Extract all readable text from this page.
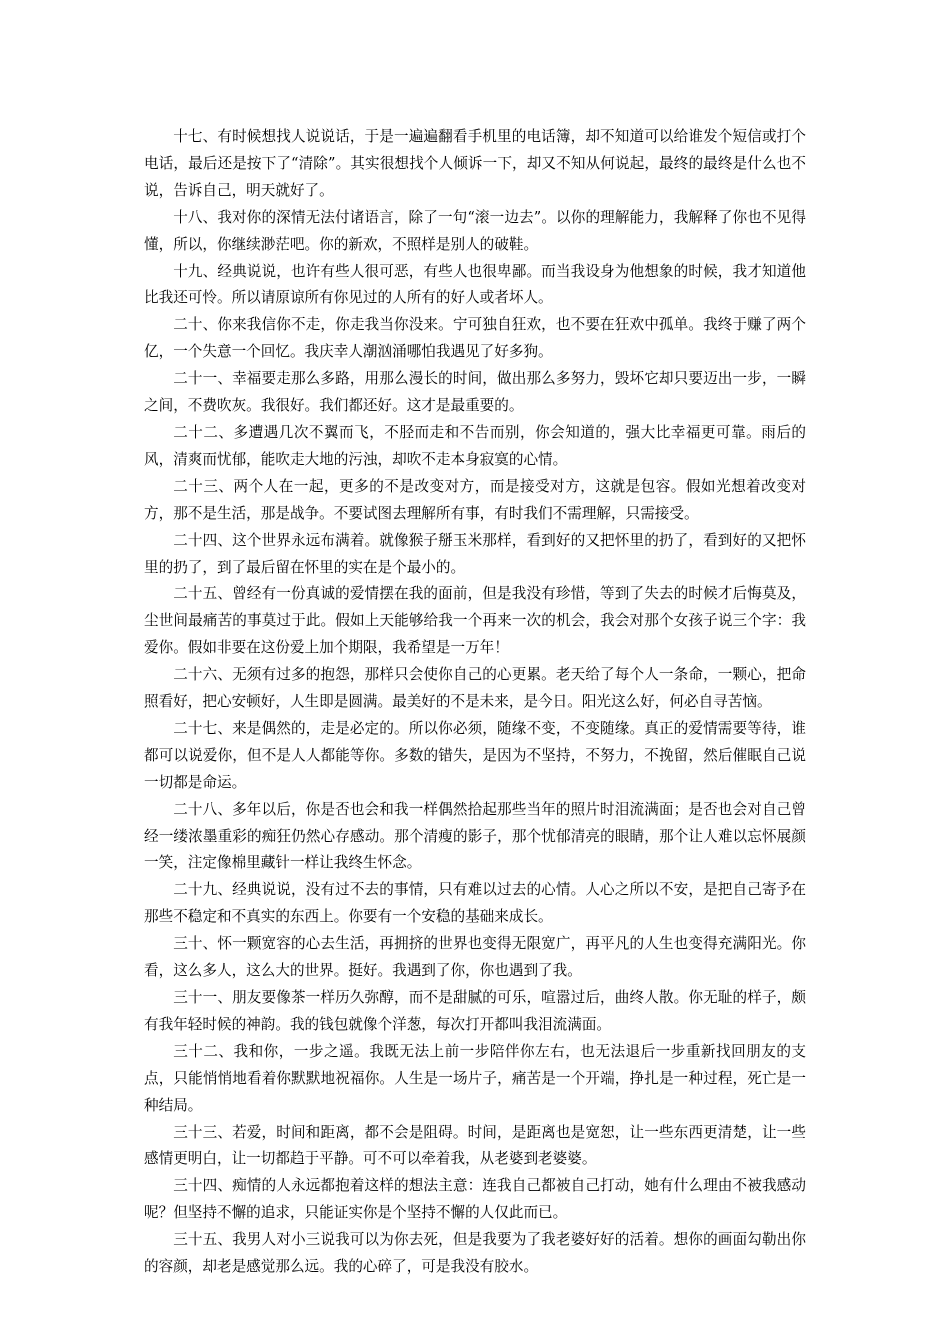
十七、有时候想找人说说话，于是一遍遍翻看手机里的电话簿，却不知道可以给谁发个短信或打个电话，最后还是按下了“清除”。其实很想找个人倾诉一下，却又不知从何说起，最终的最终是什么也不说，告诉自己，明天就好了。

十八、我对你的深情无法付诸语言，除了一句“滚一边去”。以你的理解能力，我解释了你也不见得懂，所以，你继续渺茫吧。你的新欢，不照样是别人的破鞋。

十九、经典说说，也许有些人很可恶，有些人也很卑鄙。而当我设身为他想象的时候，我才知道他比我还可怜。所以请原谅所有你见过的人所有的好人或者坏人。

二十、你来我信你不走，你走我当你没来。宁可独自狂欢，也不要在狂欢中孤单。我终于赚了两个亿，一个失意一个回忆。我庆幸人潮汹涌哪怕我遇见了好多狗。

二十一、幸福要走那么多路，用那么漫长的时间，做出那么多努力，毁坏它却只要迈出一步，一瞬之间，不费吹灰。我很好。我们都还好。这才是最重要的。

二十二、多遭遇几次不翼而飞，不胫而走和不告而别，你会知道的，强大比幸福更可靠。雨后的风，清爽而忧郁，能吹走大地的污浊，却吹不走本身寂寞的心情。

二十三、两个人在一起，更多的不是改变对方，而是接受对方，这就是包容。假如光想着改变对方，那不是生活，那是战争。不要试图去理解所有事，有时我们不需理解，只需接受。

二十四、这个世界永远布满着。就像猴子掰玉米那样，看到好的又把怀里的扔了，看到好的又把怀里的扔了，到了最后留在怀里的实在是个最小的。

二十五、曾经有一份真诚的爱情摆在我的面前，但是我没有珍惜，等到了失去的时候才后悔莫及，尘世间最痛苦的事莫过于此。假如上天能够给我一个再来一次的机会，我会对那个女孩子说三个字：我爱你。假如非要在这份爱上加个期限，我希望是一万年！

二十六、无须有过多的抱怨，那样只会使你自己的心更累。老天给了每个人一条命，一颗心，把命照看好，把心安顿好，人生即是圆满。最美好的不是未来，是今日。阳光这么好，何必自寻苦恼。

二十七、来是偶然的，走是必定的。所以你必须，随缘不变，不变随缘。真正的爱情需要等待，谁都可以说爱你，但不是人人都能等你。多数的错失，是因为不坚持，不努力，不挽留，然后催眠自己说一切都是命运。

二十八、多年以后，你是否也会和我一样偶然拾起那些当年的照片时泪流满面；是否也会对自己曾经一缕浓墨重彩的痴狂仍然心存感动。那个清瘦的影子，那个忧郁清亮的眼睛，那个让人难以忘怀展颜一笑，注定像棉里藏针一样让我终生怀念。

二十九、经典说说，没有过不去的事情，只有难以过去的心情。人心之所以不安，是把自己寄予在那些不稳定和不真实的东西上。你要有一个安稳的基础来成长。

三十、怀一颗宽容的心去生活，再拥挤的世界也变得无限宽广，再平凡的人生也变得充满阳光。你看，这么多人，这么大的世界。挺好。我遇到了你，你也遇到了我。

三十一、朋友要像茶一样历久弥醇，而不是甜腻的可乐，喧嚣过后，曲终人散。你无耻的样子，颇有我年轻时候的神韵。我的钱包就像个洋葱，每次打开都叫我泪流满面。

三十二、我和你，一步之遥。我既无法上前一步陪伴你左右，也无法退后一步重新找回朋友的支点，只能悄悄地看着你默默地祝福你。人生是一场片子，痛苦是一个开端，挣扎是一种过程，死亡是一种结局。

三十三、若爱，时间和距离，都不会是阻碍。时间，是距离也是宽恕，让一些东西更清楚，让一些感情更明白，让一切都趋于平静。可不可以牵着我，从老婆到老婆婆。

三十四、痴情的人永远都抱着这样的想法主意：连我自己都被自己打动，她有什么理由不被我感动呢？但坚持不懈的追求，只能证实你是个坚持不懈的人仅此而已。

三十五、我男人对小三说我可以为你去死，但是我要为了我老婆好好的活着。想你的画面勾勒出你的容颜，却老是感觉那么远。我的心碎了，可是我没有胶水。
